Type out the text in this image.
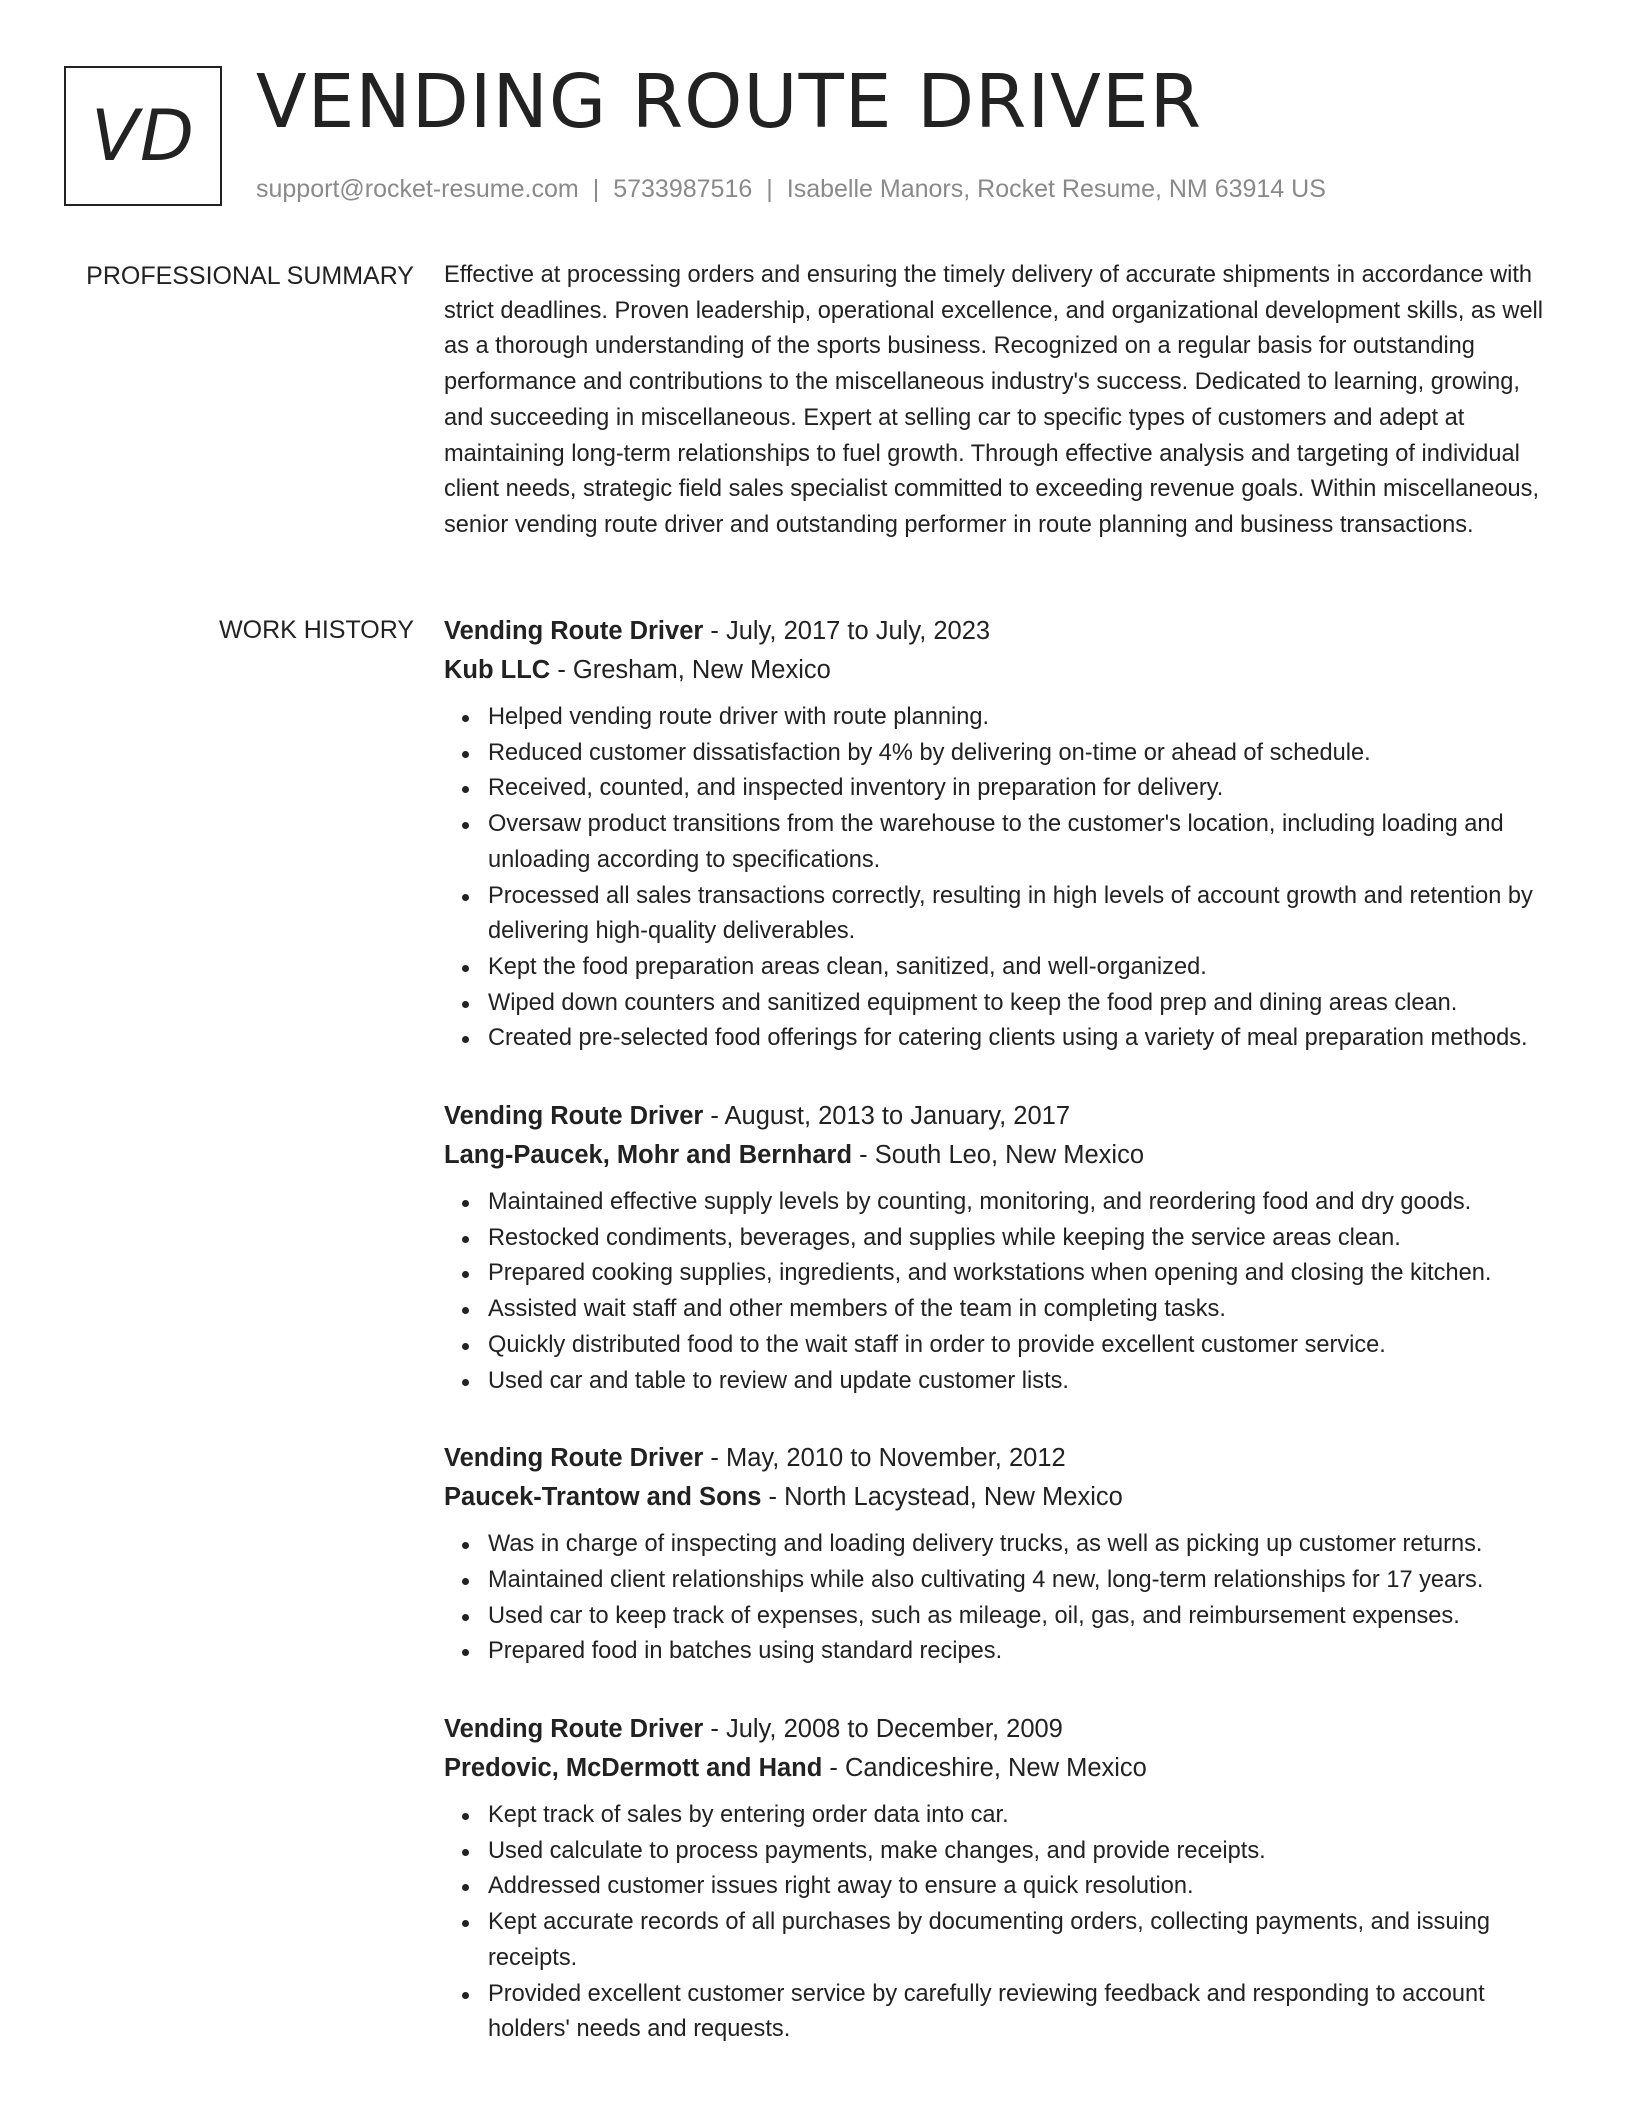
VD VENDING ROUTE DRIVER
support@rocket-resume.com | 5733987516 | Isabelle Manors, Rocket Resume, NM 63914 US
PROFESSIONAL SUMMARY Effective at processing orders and ensuring the timely delivery of accurate shipments in accordance with strict deadlines. Proven leadership, operational excellence, and organizational development skills, as well as a thorough understanding of the sports business. Recognized on a regular basis for outstanding performance and contributions to the miscellaneous industry's success. Dedicated to learning, growing, and succeeding in miscellaneous. Expert at selling car to specific types of customers and adept at maintaining long-term relationships to fuel growth. Through effective analysis and targeting of individual client needs, strategic field sales specialist committed to exceeding revenue goals. Within miscellaneous, senior vending route driver and outstanding performer in route planning and business transactions.

WORK HISTORY Vending Route Driver - July, 2017 to July, 2023
Kub LLC - Gresham, New Mexico
Helped vending route driver with route planning.
Reduced customer dissatisfaction by 4% by delivering on-time or ahead of schedule.
Received, counted, and inspected inventory in preparation for delivery.
Oversaw product transitions from the warehouse to the customer's location, including loading and unloading according to specifications.
Processed all sales transactions correctly, resulting in high levels of account growth and retention by delivering high-quality deliverables.
Kept the food preparation areas clean, sanitized, and well-organized.
Wiped down counters and sanitized equipment to keep the food prep and dining areas clean.
Created pre-selected food offerings for catering clients using a variety of meal preparation methods.
Vending Route Driver - August, 2013 to January, 2017
Lang-Paucek, Mohr and Bernhard - South Leo, New Mexico
Maintained effective supply levels by counting, monitoring, and reordering food and dry goods.
Restocked condiments, beverages, and supplies while keeping the service areas clean.
Prepared cooking supplies, ingredients, and workstations when opening and closing the kitchen.
Assisted wait staff and other members of the team in completing tasks.
Quickly distributed food to the wait staff in order to provide excellent customer service.
Used car and table to review and update customer lists.
Vending Route Driver - May, 2010 to November, 2012
Paucek-Trantow and Sons - North Lacystead, New Mexico
Was in charge of inspecting and loading delivery trucks, as well as picking up customer returns.
Maintained client relationships while also cultivating 4 new, long-term relationships for 17 years.
Used car to keep track of expenses, such as mileage, oil, gas, and reimbursement expenses.
Prepared food in batches using standard recipes.
Vending Route Driver - July, 2008 to December, 2009
Predovic, McDermott and Hand - Candiceshire, New Mexico
Kept track of sales by entering order data into car.
Used calculate to process payments, make changes, and provide receipts.
Addressed customer issues right away to ensure a quick resolution.
Kept accurate records of all purchases by documenting orders, collecting payments, and issuing receipts.
Provided excellent customer service by carefully reviewing feedback and responding to account holders' needs and requests.
